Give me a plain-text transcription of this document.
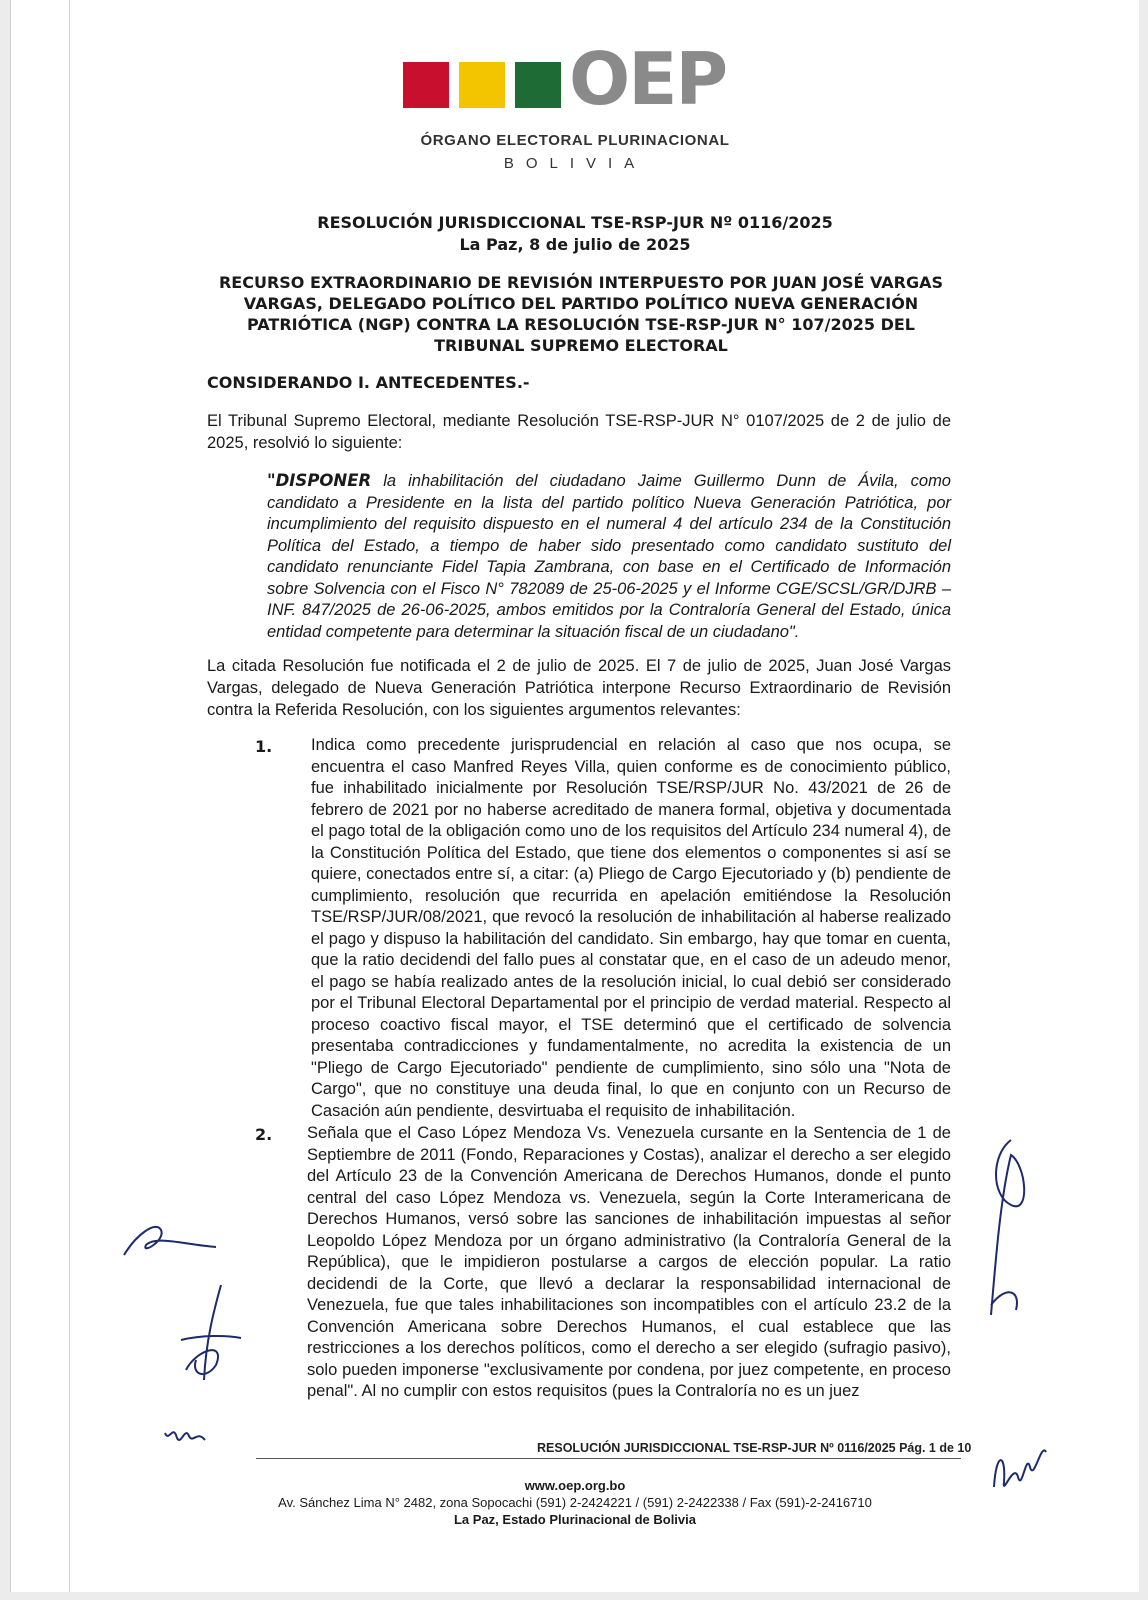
OEP
ÓRGANO ELECTORAL PLURINACIONAL
BOLIVIA
RESOLUCIÓN JURISDICCIONAL TSE-RSP-JUR Nº 0116/2025
La Paz, 8 de julio de 2025
RECURSO EXTRAORDINARIO DE REVISIÓN INTERPUESTO POR JUAN JOSÉ VARGAS VARGAS, DELEGADO POLÍTICO DEL PARTIDO POLÍTICO NUEVA GENERACIÓN PATRIÓTICA (NGP) CONTRA LA RESOLUCIÓN TSE-RSP-JUR N° 107/2025 DEL TRIBUNAL SUPREMO ELECTORAL
CONSIDERANDO I. ANTECEDENTES.-
El Tribunal Supremo Electoral, mediante Resolución TSE-RSP-JUR N° 0107/2025 de 2 de julio de 2025, resolvió lo siguiente:
"DISPONER la inhabilitación del ciudadano Jaime Guillermo Dunn de Ávila, como candidato a Presidente en la lista del partido político Nueva Generación Patriótica, por incumplimiento del requisito dispuesto en el numeral 4 del artículo 234 de la Constitución Política del Estado, a tiempo de haber sido presentado como candidato sustituto del candidato renunciante Fidel Tapia Zambrana, con base en el Certificado de Información sobre Solvencia con el Fisco N° 782089 de 25-06-2025 y el Informe CGE/SCSL/GR/DJRB –INF. 847/2025 de 26-06-2025, ambos emitidos por la Contraloría General del Estado, única entidad competente para determinar la situación fiscal de un ciudadano".
La citada Resolución fue notificada el 2 de julio de 2025. El 7 de julio de 2025, Juan José Vargas Vargas, delegado de Nueva Generación Patriótica interpone Recurso Extraordinario de Revisión contra la Referida Resolución, con los siguientes argumentos relevantes:
1. Indica como precedente jurisprudencial en relación al caso que nos ocupa, se encuentra el caso Manfred Reyes Villa, quien conforme es de conocimiento público, fue inhabilitado inicialmente por Resolución TSE/RSP/JUR No. 43/2021 de 26 de febrero de 2021 por no haberse acreditado de manera formal, objetiva y documentada el pago total de la obligación como uno de los requisitos del Artículo 234 numeral 4), de la Constitución Política del Estado, que tiene dos elementos o componentes si así se quiere, conectados entre sí, a citar: (a) Pliego de Cargo Ejecutoriado y (b) pendiente de cumplimiento, resolución que recurrida en apelación emitiéndose la Resolución TSE/RSP/JUR/08/2021, que revocó la resolución de inhabilitación al haberse realizado el pago y dispuso la habilitación del candidato. Sin embargo, hay que tomar en cuenta, que la ratio decidendi del fallo pues al constatar que, en el caso de un adeudo menor, el pago se había realizado antes de la resolución inicial, lo cual debió ser considerado por el Tribunal Electoral Departamental por el principio de verdad material. Respecto al proceso coactivo fiscal mayor, el TSE determinó que el certificado de solvencia presentaba contradicciones y fundamentalmente, no acredita la existencia de un "Pliego de Cargo Ejecutoriado" pendiente de cumplimiento, sino sólo una "Nota de Cargo", que no constituye una deuda final, lo que en conjunto con un Recurso de Casación aún pendiente, desvirtuaba el requisito de inhabilitación.
2. Señala que el Caso López Mendoza Vs. Venezuela cursante en la Sentencia de 1 de Septiembre de 2011 (Fondo, Reparaciones y Costas), analizar el derecho a ser elegido del Artículo 23 de la Convención Americana de Derechos Humanos, donde el punto central del caso López Mendoza vs. Venezuela, según la Corte Interamericana de Derechos Humanos, versó sobre las sanciones de inhabilitación impuestas al señor Leopoldo López Mendoza por un órgano administrativo (la Contraloría General de la República), que le impidieron postularse a cargos de elección popular. La ratio decidendi de la Corte, que llevó a declarar la responsabilidad internacional de Venezuela, fue que tales inhabilitaciones son incompatibles con el artículo 23.2 de la Convención Americana sobre Derechos Humanos, el cual establece que las restricciones a los derechos políticos, como el derecho a ser elegido (sufragio pasivo), solo pueden imponerse "exclusivamente por condena, por juez competente, en proceso penal". Al no cumplir con estos requisitos (pues la Contraloría no es un juez
RESOLUCIÓN JURISDICCIONAL TSE-RSP-JUR Nº 0116/2025 Pág. 1 de 10
www.oep.org.bo
Av. Sánchez Lima N° 2482, zona Sopocachi (591) 2-2424221 / (591) 2-2422338 / Fax (591)-2-2416710
La Paz, Estado Plurinacional de Bolivia
